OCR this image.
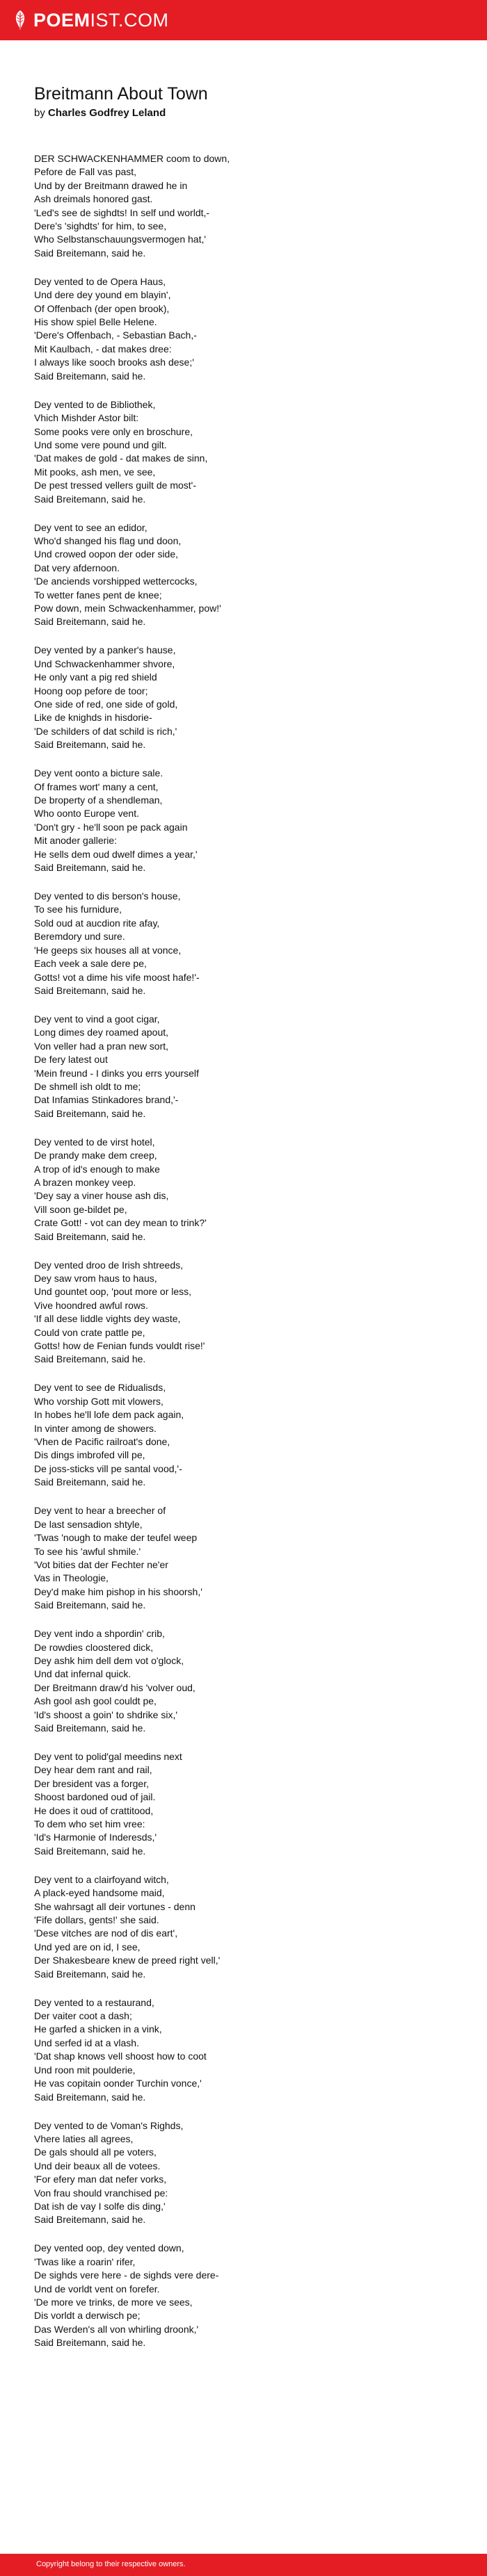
POEMIST.COM
Breitmann About Town
by Charles Godfrey Leland
DER SCHWACKENHAMMER coom to down,
Pefore de Fall vas past,
Und by der Breitmann drawed he in
Ash dreimals honored gast.
'Led's see de sighdts! In self und worldt,-
Dere's 'sighdts' for him, to see,
Who Selbstanschauungsvermogen hat,'
Said Breitemann, said he.
Dey vented to de Opera Haus,
Und dere dey yound em blayin',
Of Offenbach (der open brook),
His show spiel Belle Helene.
'Dere's Offenbach, - Sebastian Bach,-
Mit Kaulbach, - dat makes dree:
I always like sooch brooks ash dese;'
Said Breitemann, said he.
Dey vented to de Bibliothek,
Vhich Mishder Astor bilt:
Some pooks vere only en broschure,
Und some vere pound und gilt.
'Dat makes de gold - dat makes de sinn,
Mit pooks, ash men, ve see,
De pest tressed vellers guilt de most'-
Said Breitemann, said he.
Dey vent to see an edidor,
Who'd shanged his flag und doon,
Und crowed oopon der oder side,
Dat very afdernoon.
'De anciends vorshipped wettercocks,
To wetter fanes pent de knee;
Pow down, mein Schwackenhammer, pow!'
Said Breitemann, said he.
Dey vented by a panker's hause,
Und Schwackenhammer shvore,
He only vant a pig red shield
Hoong oop pefore de toor;
One side of red, one side of gold,
Like de knighds in hisdorie-
'De schilders of dat schild is rich,'
Said Breitemann, said he.
Dey vent oonto a bicture sale.
Of frames wort' many a cent,
De broperty of a shendleman,
Who oonto Europe vent.
'Don't gry - he'll soon pe pack again
Mit anoder gallerie:
He sells dem oud dwelf dimes a year,'
Said Breitemann, said he.
Dey vented to dis berson's house,
To see his furnidure,
Sold oud at aucdion rite afay,
Beremdory und sure.
'He geeps six houses all at vonce,
Each veek a sale dere pe,
Gotts! vot a dime his vife moost hafe!'-
Said Breitemann, said he.
Dey vent to vind a goot cigar,
Long dimes dey roamed apout,
Von veller had a pran new sort,
De fery latest out
'Mein freund - I dinks you errs yourself
De shmell ish oldt to me;
Dat Infamias Stinkadores brand,'-
Said Breitemann, said he.
Dey vented to de virst hotel,
De prandy make dem creep,
A trop of id's enough to make
A brazen monkey veep.
'Dey say a viner house ash dis,
Vill soon ge-bildet pe,
Crate Gott! - vot can dey mean to trink?'
Said Breitemann, said he.
Dey vented droo de Irish shtreeds,
Dey saw vrom haus to haus,
Und gountet oop, 'pout more or less,
Vive hoondred awful rows.
'If all dese liddle vights dey waste,
Could von crate pattle pe,
Gotts! how de Fenian funds vouldt rise!'
Said Breitemann, said he.
Dey vent to see de Ridualisds,
Who vorship Gott mit vlowers,
In hobes he'll lofe dem pack again,
In vinter among de showers.
'Vhen de Pacific railroat's done,
Dis dings imbrofed vill pe,
De joss-sticks vill pe santal vood,'-
Said Breitemann, said he.
Dey vent to hear a breecher of
De last sensadion shtyle,
'Twas 'nough to make der teufel weep
To see his 'awful shmile.'
'Vot bities dat der Fechter ne'er
Vas in Theologie,
Dey'd make him pishop in his shoorsh,'
Said Breitemann, said he.
Dey vent indo a shpordin' crib,
De rowdies cloostered dick,
Dey ashk him dell dem vot o'glock,
Und dat infernal quick.
Der Breitmann draw'd his 'volver oud,
Ash gool ash gool couldt pe,
'Id's shoost a goin' to shdrike six,'
Said Breitemann, said he.
Dey vent to polid'gal meedins next
Dey hear dem rant and rail,
Der bresident vas a forger,
Shoost bardoned oud of jail.
He does it oud of crattitood,
To dem who set him vree:
'Id's Harmonie of Inderesds,'
Said Breitemann, said he.
Dey vent to a clairfoyand witch,
A plack-eyed handsome maid,
She wahrsagt all deir vortunes - denn
'Fife dollars, gents!' she said.
'Dese vitches are nod of dis eart',
Und yed are on id, I see,
Der Shakesbeare knew de preed right vell,'
Said Breitemann, said he.
Dey vented to a restaurand,
Der vaiter coot a dash;
He garfed a shicken in a vink,
Und serfed id at a vlash.
'Dat shap knows vell shoost how to coot
Und roon mit poulderie,
He vas copitain oonder Turchin vonce,'
Said Breitemann, said he.
Dey vented to de Voman's Righds,
Vhere laties all agrees,
De gals should all pe voters,
Und deir beaux all de votees.
'For efery man dat nefer vorks,
Von frau should vranchised pe:
Dat ish de vay I solfe dis ding,'
Said Breitemann, said he.
Dey vented oop, dey vented down,
'Twas like a roarin' rifer,
De sighds vere here - de sighds vere dere-
Und de vorldt vent on forefer.
'De more ve trinks, de more ve sees,
Dis vorldt a derwisch pe;
Das Werden's all von whirling droonk,'
Said Breitemann, said he.
Copyright belong to their respective owners.
